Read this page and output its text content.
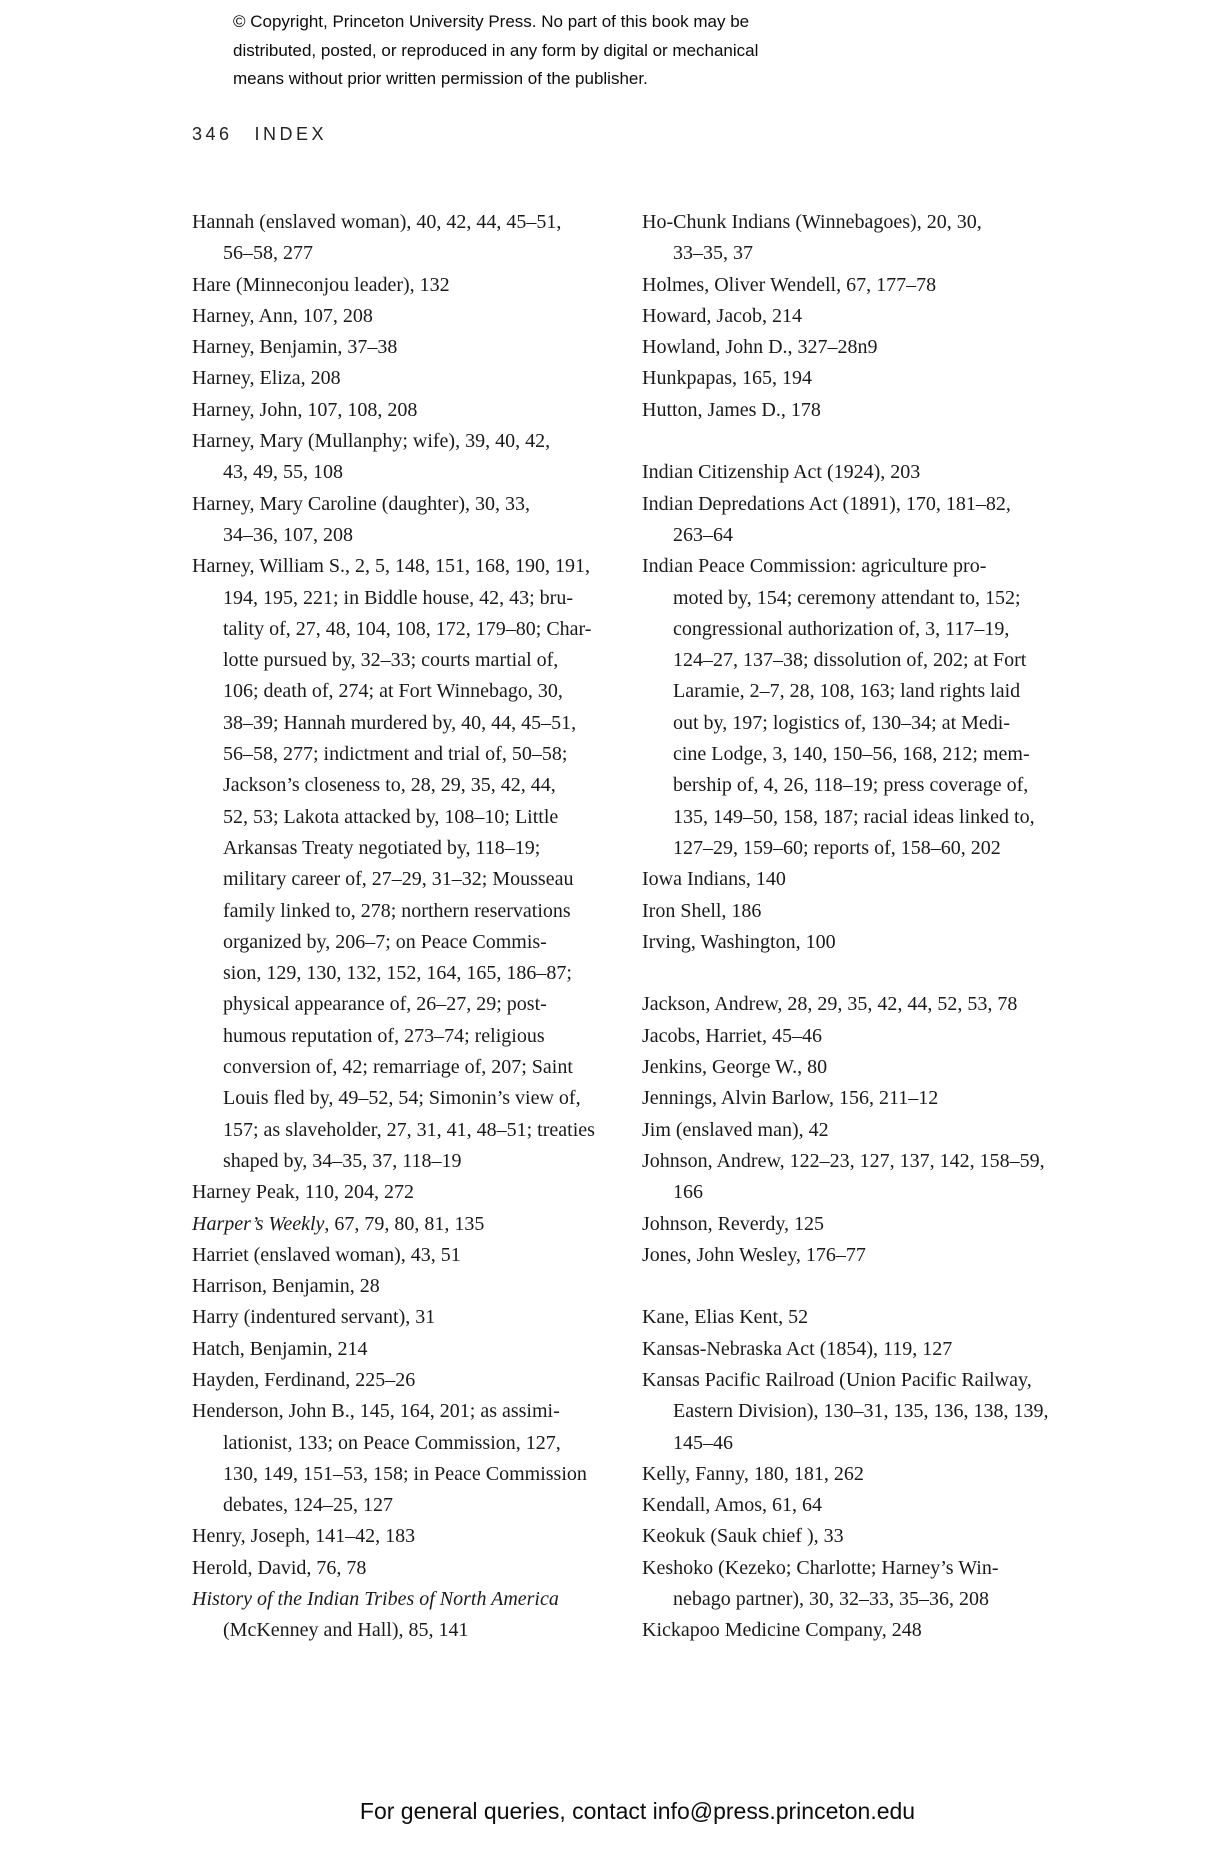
© Copyright, Princeton University Press. No part of this book may be
distributed, posted, or reproduced in any form by digital or mechanical
means without prior written permission of the publisher.
346 INDEX
Hannah (enslaved woman), 40, 42, 44, 45–51,
56–58, 277
Hare (Minneconjou leader), 132
Harney, Ann, 107, 208
Harney, Benjamin, 37–38
Harney, Eliza, 208
Harney, John, 107, 108, 208
Harney, Mary (Mullanphy; wife), 39, 40, 42,
43, 49, 55, 108
Harney, Mary Caroline (daughter), 30, 33,
34–36, 107, 208
Harney, William S., 2, 5, 148, 151, 168, 190, 191,
194, 195, 221; in Biddle house, 42, 43; bru-
tality of, 27, 48, 104, 108, 172, 179–80; Char-
lotte pursued by, 32–33; courts martial of,
106; death of, 274; at Fort Winnebago, 30,
38–39; Hannah murdered by, 40, 44, 45–51,
56–58, 277; indictment and trial of, 50–58;
Jackson’s closeness to, 28, 29, 35, 42, 44,
52, 53; Lakota attacked by, 108–10; Little
Arkansas Treaty negotiated by, 118–19;
military career of, 27–29, 31–32; Mousseau
family linked to, 278; northern reservations
organized by, 206–7; on Peace Commis-
sion, 129, 130, 132, 152, 164, 165, 186–87;
physical appearance of, 26–27, 29; post-
humous reputation of, 273–74; religious
conversion of, 42; remarriage of, 207; Saint
Louis fled by, 49–52, 54; Simonin’s view of,
157; as slaveholder, 27, 31, 41, 48–51; treaties
shaped by, 34–35, 37, 118–19
Harney Peak, 110, 204, 272
Harper’s Weekly, 67, 79, 80, 81, 135
Harriet (enslaved woman), 43, 51
Harrison, Benjamin, 28
Harry (indentured servant), 31
Hatch, Benjamin, 214
Hayden, Ferdinand, 225–26
Henderson, John B., 145, 164, 201; as assimi-
lationist, 133; on Peace Commission, 127,
130, 149, 151–53, 158; in Peace Commission
debates, 124–25, 127
Henry, Joseph, 141–42, 183
Herold, David, 76, 78
History of the Indian Tribes of North America
(McKenney and Hall), 85, 141
Ho-Chunk Indians (Winnebagoes), 20, 30,
33–35, 37
Holmes, Oliver Wendell, 67, 177–78
Howard, Jacob, 214
Howland, John D., 327–28n9
Hunkpapas, 165, 194
Hutton, James D., 178
Indian Citizenship Act (1924), 203
Indian Depredations Act (1891), 170, 181–82,
263–64
Indian Peace Commission: agriculture pro-
moted by, 154; ceremony attendant to, 152;
congressional authorization of, 3, 117–19,
124–27, 137–38; dissolution of, 202; at Fort
Laramie, 2–7, 28, 108, 163; land rights laid
out by, 197; logistics of, 130–34; at Medi-
cine Lodge, 3, 140, 150–56, 168, 212; mem-
bership of, 4, 26, 118–19; press coverage of,
135, 149–50, 158, 187; racial ideas linked to,
127–29, 159–60; reports of, 158–60, 202
Iowa Indians, 140
Iron Shell, 186
Irving, Washington, 100
Jackson, Andrew, 28, 29, 35, 42, 44, 52, 53, 78
Jacobs, Harriet, 45–46
Jenkins, George W., 80
Jennings, Alvin Barlow, 156, 211–12
Jim (enslaved man), 42
Johnson, Andrew, 122–23, 127, 137, 142, 158–59,
166
Johnson, Reverdy, 125
Jones, John Wesley, 176–77
Kane, Elias Kent, 52
Kansas-Nebraska Act (1854), 119, 127
Kansas Pacific Railroad (Union Pacific Railway,
Eastern Division), 130–31, 135, 136, 138, 139,
145–46
Kelly, Fanny, 180, 181, 262
Kendall, Amos, 61, 64
Keokuk (Sauk chief ), 33
Keshoko (Kezeko; Charlotte; Harney’s Win-
nebago partner), 30, 32–33, 35–36, 208
Kickapoo Medicine Company, 248
For general queries, contact info@press.princeton.edu
